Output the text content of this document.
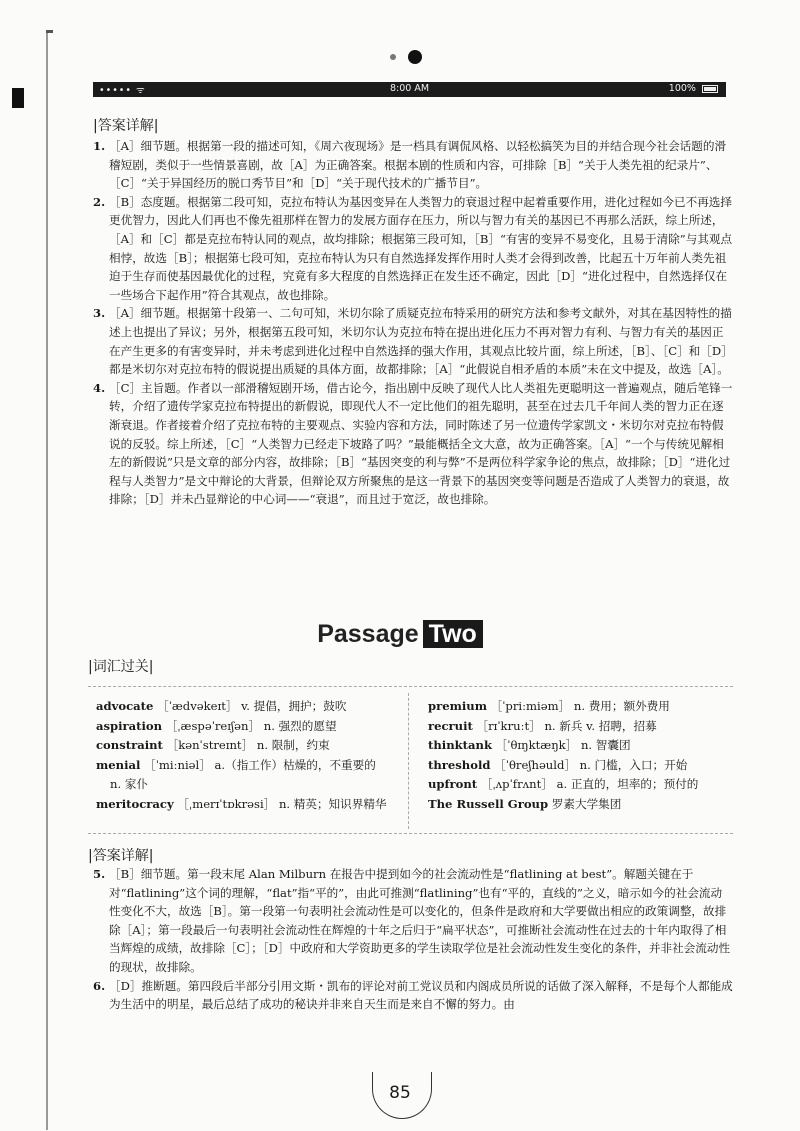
••••• ᯤ	8:00 AM	100%
|答案详解|

1. ［A］细节题。根据第一段的描述可知，《周六夜现场》是一档具有调侃风格、以轻松搞笑为目的并结合现今社会话题的滑稽短剧，类似于一些情景喜剧，故［A］为正确答案。根据本剧的性质和内容，可排除［B］“关于人类先祖的纪录片”、［C］“关于异国经历的脱口秀节目”和［D］“关于现代技术的广播节目”。

2. ［B］态度题。根据第二段可知，克拉布特认为基因变异在人类智力的衰退过程中起着重要作用，进化过程如今已不再选择更优智力，因此人们再也不像先祖那样在智力的发展方面存在压力，所以与智力有关的基因已不再那么活跃，综上所述，［A］和［C］都是克拉布特认同的观点，故均排除；根据第三段可知，［B］“有害的变异不易变化，且易于清除”与其观点相悖，故选［B］；根据第七段可知，克拉布特认为只有自然选择发挥作用时人类才会得到改善，比起五十万年前人类先祖迫于生存而使基因最优化的过程，究竟有多大程度的自然选择正在发生还不确定，因此［D］“进化过程中，自然选择仅在一些场合下起作用”符合其观点，故也排除。

3. ［A］细节题。根据第十段第一、二句可知，米切尔除了质疑克拉布特采用的研究方法和参考文献外，对其在基因特性的描述上也提出了异议；另外，根据第五段可知，米切尔认为克拉布特在提出进化压力不再对智力有利、与智力有关的基因正在产生更多的有害变异时，并未考虑到进化过程中自然选择的强大作用，其观点比较片面，综上所述，［B］、［C］和［D］都是米切尔对克拉布特的假说提出质疑的具体方面，故都排除；［A］“此假说自相矛盾的本质”未在文中提及，故选［A］。

4. ［C］主旨题。作者以一部滑稽短剧开场，借古论今，指出剧中反映了现代人比人类祖先更聪明这一普遍观点，随后笔锋一转，介绍了遗传学家克拉布特提出的新假说，即现代人不一定比他们的祖先聪明，甚至在过去几千年间人类的智力正在逐渐衰退。作者接着介绍了克拉布特的主要观点、实验内容和方法，同时陈述了另一位遗传学家凯文・米切尔对克拉布特假说的反驳。综上所述，［C］“人类智力已经走下坡路了吗？”最能概括全文大意，故为正确答案。［A］“一个与传统见解相左的新假说”只是文章的部分内容，故排除；［B］“基因突变的利与弊”不是两位科学家争论的焦点，故排除；［D］“进化过程与人类智力”是文中辩论的大背景，但辩论双方所聚焦的是这一背景下的基因突变等问题是否造成了人类智力的衰退，故排除；［D］并未凸显辩论的中心词——“衰退”，而且过于宽泛，故也排除。

Passage Two
|词汇过关|
advocate ［ˈædvəkeɪt］ v. 提倡，拥护；鼓吹
aspiration ［ˌæspəˈreɪʃən］ n. 强烈的愿望
constraint ［kənˈstreɪnt］ n. 限制，约束
menial ［ˈmiːniəl］ a.（指工作）枯燥的，不重要的
n. 家仆
meritocracy ［ˌmerɪˈtɒkrəsi］ n. 精英；知识界精华
premium ［ˈpriːmiəm］ n. 费用；额外费用
recruit ［rɪˈkruːt］ n. 新兵 v. 招聘，招募
thinktank ［ˈθɪŋktæŋk］ n. 智囊团
threshold ［ˈθreʃhəuld］ n. 门槛，入口；开始
upfront ［ˌʌpˈfrʌnt］ a. 正直的，坦率的；预付的
The Russell Group 罗素大学集团
|答案详解|

5. ［B］细节题。第一段末尾 Alan Milburn 在报告中提到如今的社会流动性是“flatlining at best”。解题关键在于对“flatlining”这个词的理解，“flat”指“平的”，由此可推测“flatlining”也有“平的，直线的”之义，暗示如今的社会流动性变化不大，故选［B］。第一段第一句表明社会流动性是可以变化的，但条件是政府和大学要做出相应的政策调整，故排除［A］；第一段最后一句表明社会流动性在辉煌的十年之后归于“扁平状态”，可推断社会流动性在过去的十年内取得了相当辉煌的成绩，故排除［C］；［D］中政府和大学资助更多的学生读取学位是社会流动性发生变化的条件，并非社会流动性的现状，故排除。

6. ［D］推断题。第四段后半部分引用文斯・凯布的评论对前工党议员和内阁成员所说的话做了深入解释，不是每个人都能成为生活中的明星，最后总结了成功的秘诀并非来自天生而是来自不懈的努力。由

85
